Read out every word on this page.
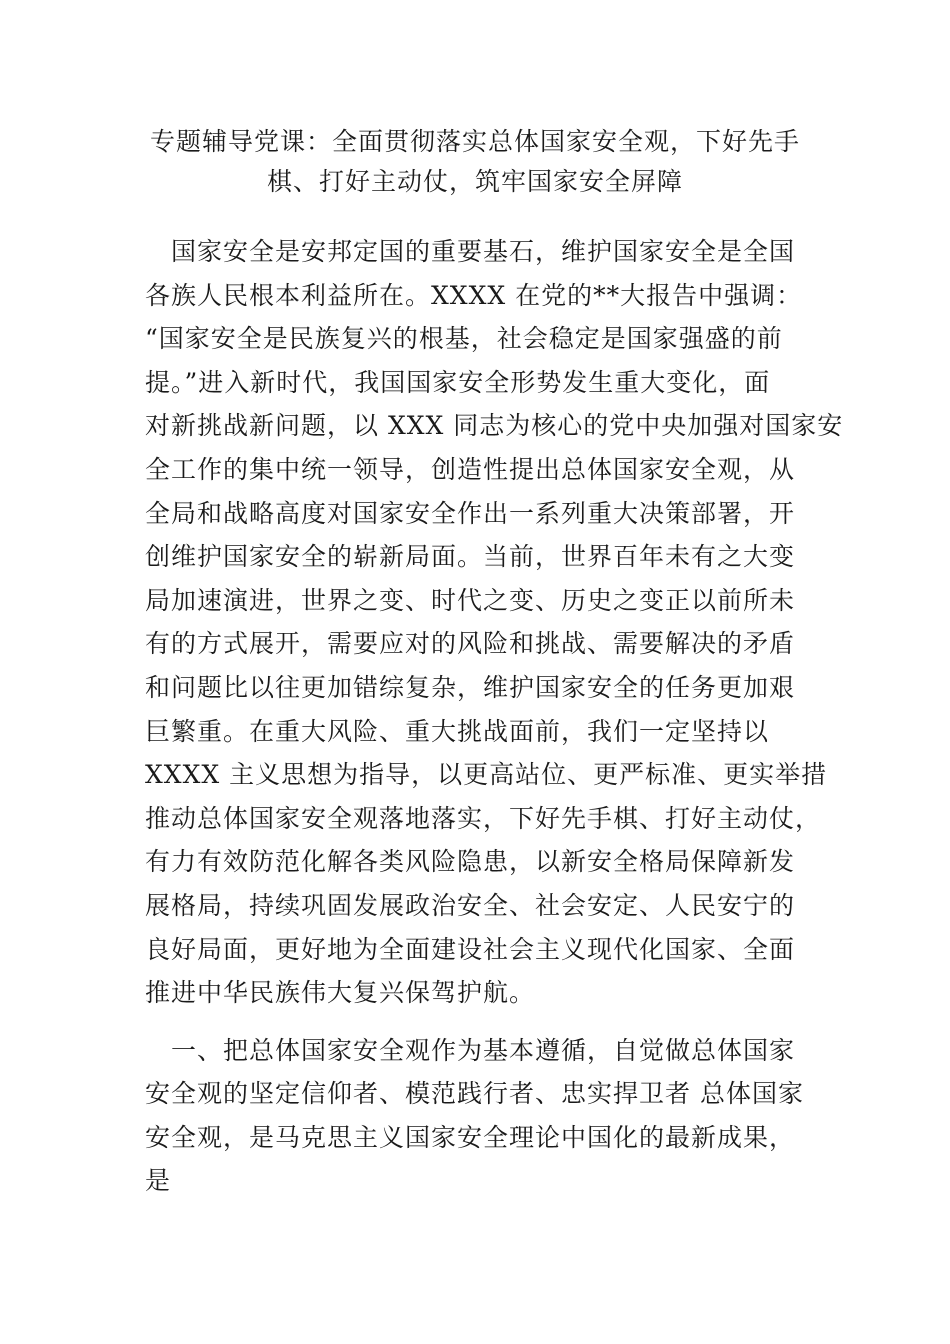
专题辅导党课：全面贯彻落实总体国家安全观，下好先手
棋、打好主动仗，筑牢国家安全屏障
　国家安全是安邦定国的重要基石，维护国家安全是全国
各族人民根本利益所在。XXXX 在党的**大报告中强调：
“国家安全是民族复兴的根基，社会稳定是国家强盛的前
提。”进入新时代，我国国家安全形势发生重大变化，面
对新挑战新问题，以 XXX 同志为核心的党中央加强对国家安
全工作的集中统一领导，创造性提出总体国家安全观，从
全局和战略高度对国家安全作出一系列重大决策部署，开
创维护国家安全的崭新局面。当前，世界百年未有之大变
局加速演进，世界之变、时代之变、历史之变正以前所未
有的方式展开，需要应对的风险和挑战、需要解决的矛盾
和问题比以往更加错综复杂，维护国家安全的任务更加艰
巨繁重。在重大风险、重大挑战面前，我们一定坚持以
XXXX 主义思想为指导，以更高站位、更严标准、更实举措
推动总体国家安全观落地落实，下好先手棋、打好主动仗，
有力有效防范化解各类风险隐患，以新安全格局保障新发
展格局，持续巩固发展政治安全、社会安定、人民安宁的
良好局面，更好地为全面建设社会主义现代化国家、全面
推进中华民族伟大复兴保驾护航。
　一、把总体国家安全观作为基本遵循，自觉做总体国家
安全观的坚定信仰者、模范践行者、忠实捍卫者 总体国家
安全观，是马克思主义国家安全理论中国化的最新成果，
是
